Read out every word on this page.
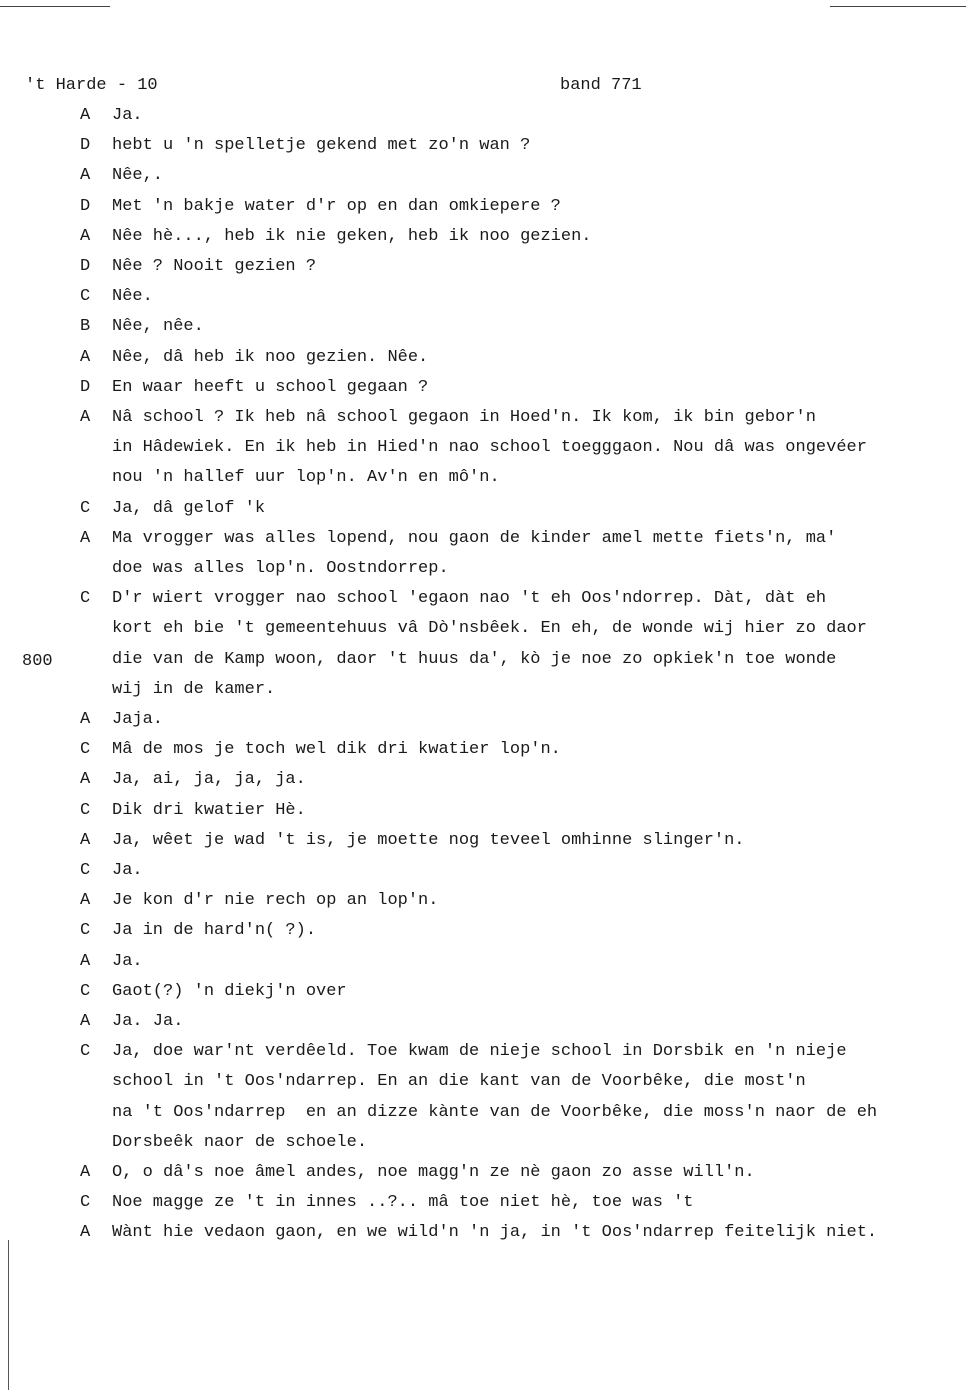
't Harde - 10	band 771
800
A	Ja.
D	hebt u 'n spelletje gekend met zo'n wan ?
A	Nêe,.
D	Met 'n bakje water d'r op en dan omkiepere ?
A	Nêe hè..., heb ik nie geken, heb ik noo gezien.
D	Nêe ? Nooit gezien ?
C	Nêe.
B	Nêe, nêe.
A	Nêe, dâ heb ik noo gezien. Nêe.
D	En waar heeft u school gegaan ?
A	Nâ school ? Ik heb nâ school gegaon in Hoed'n. Ik kom, ik bin gebor'n
in Hâdewiek. En ik heb in Hied'n nao school toegggaon. Nou dâ was ongevéer
nou 'n hallef uur lop'n. Av'n en mô'n.
C	Ja, dâ gelof 'k
A	Ma vrogger was alles lopend, nou gaon de kinder amel mette fiets'n, ma'
doe was alles lop'n. Oostndorrep.
C	D'r wiert vrogger nao school 'egaon nao 't eh Oos'ndorrep. Dàt, dàt eh
kort eh bie 't gemeentehuus vâ Dò'nsbêek. En eh, de wonde wij hier zo daor
die van de Kamp woon, daor 't huus da', kò je noe zo opkiek'n toe wonde
wij in de kamer.
A	Jaja.
C	Mâ de mos je toch wel dik dri kwatier lop'n.
A	Ja, ai, ja, ja, ja.
C	Dik dri kwatier Hè.
A	Ja, wêet je wad 't is, je moette nog teveel omhinne slinger'n.
C	Ja.
A	Je kon d'r nie rech op an lop'n.
C	Ja in de hard'n( ?).
A	Ja.
C	Gaot(?) 'n diekj'n over
A	Ja. Ja.
C	Ja, doe war'nt verdêeld. Toe kwam de nieje school in Dorsbik en 'n nieje
school in 't Oos'ndarrep. En an die kant van de Voorbêke, die most'n
na 't Oos'ndarrep  en an dizze kànte van de Voorbêke, die moss'n naor de eh
Dorsbeêk naor de schoele.
A	O, o dâ's noe âmel andes, noe magg'n ze nè gaon zo asse will'n.
C	Noe magge ze 't in innes ..?.. mâ toe niet hè, toe was 't
A	Wànt hie vedaon gaon, en we wild'n 'n ja, in 't Oos'ndarrep feitelijk niet.
